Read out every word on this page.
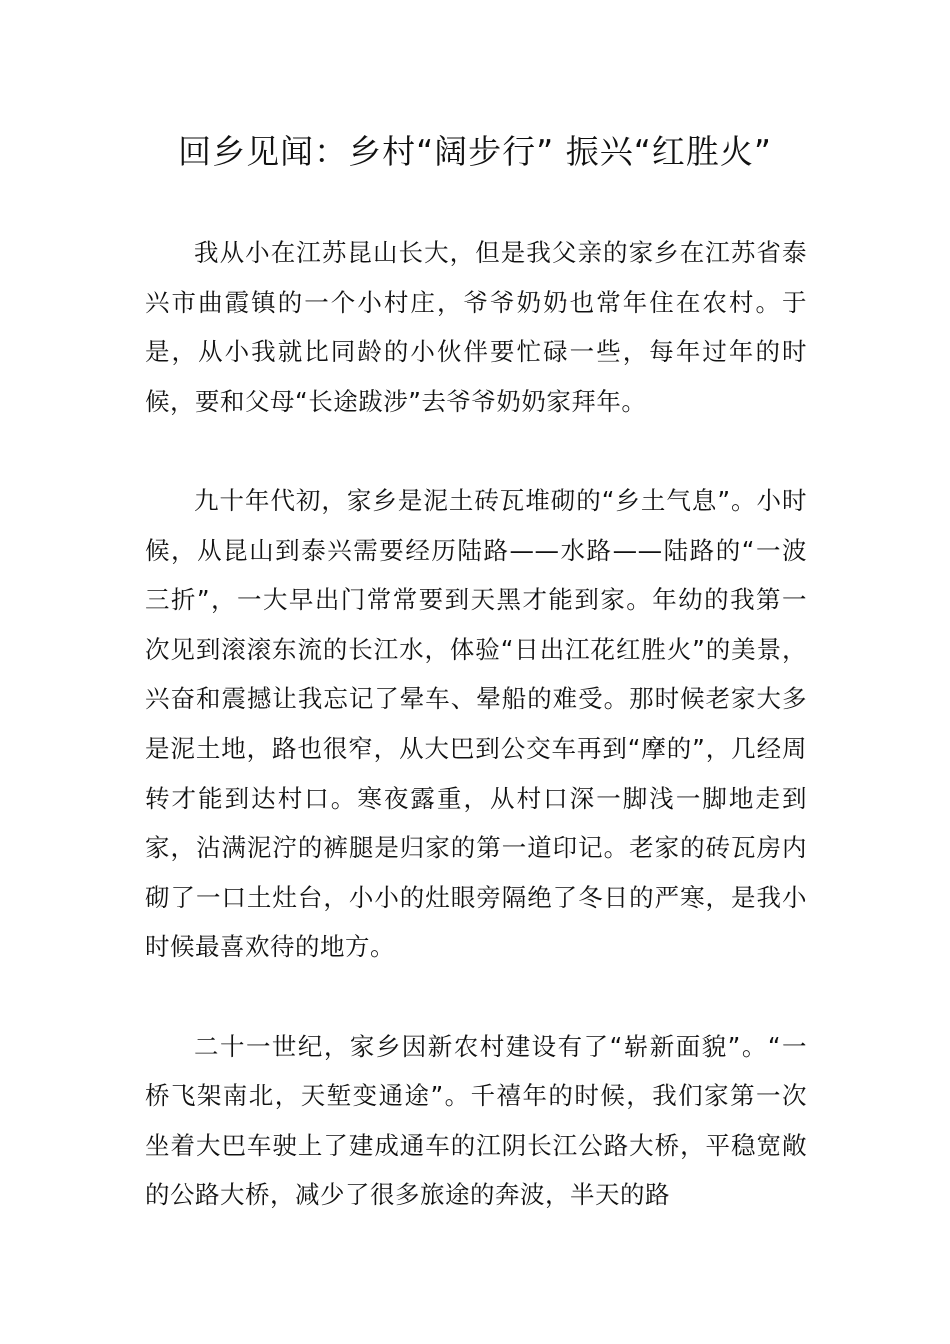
回乡见闻：乡村“阔步行” 振兴“红胜火”

我从小在江苏昆山长大，但是我父亲的家乡在江苏省泰兴市曲霞镇的一个小村庄，爷爷奶奶也常年住在农村。于是，从小我就比同龄的小伙伴要忙碌一些，每年过年的时候，要和父母“长途跋涉”去爷爷奶奶家拜年。

九十年代初，家乡是泥土砖瓦堆砌的“乡土气息”。小时候，从昆山到泰兴需要经历陆路——水路——陆路的“一波三折”，一大早出门常常要到天黑才能到家。年幼的我第一次见到滚滚东流的长江水，体验“日出江花红胜火”的美景，兴奋和震撼让我忘记了晕车、晕船的难受。那时候老家大多是泥土地，路也很窄，从大巴到公交车再到“摩的”，几经周转才能到达村口。寒夜露重，从村口深一脚浅一脚地走到家，沾满泥泞的裤腿是归家的第一道印记。老家的砖瓦房内砌了一口土灶台，小小的灶眼旁隔绝了冬日的严寒，是我小时候最喜欢待的地方。

二十一世纪，家乡因新农村建设有了“崭新面貌”。“一桥飞架南北，天堑变通途”。千禧年的时候，我们家第一次坐着大巴车驶上了建成通车的江阴长江公路大桥，平稳宽敞的公路大桥，减少了很多旅途的奔波，半天的路
